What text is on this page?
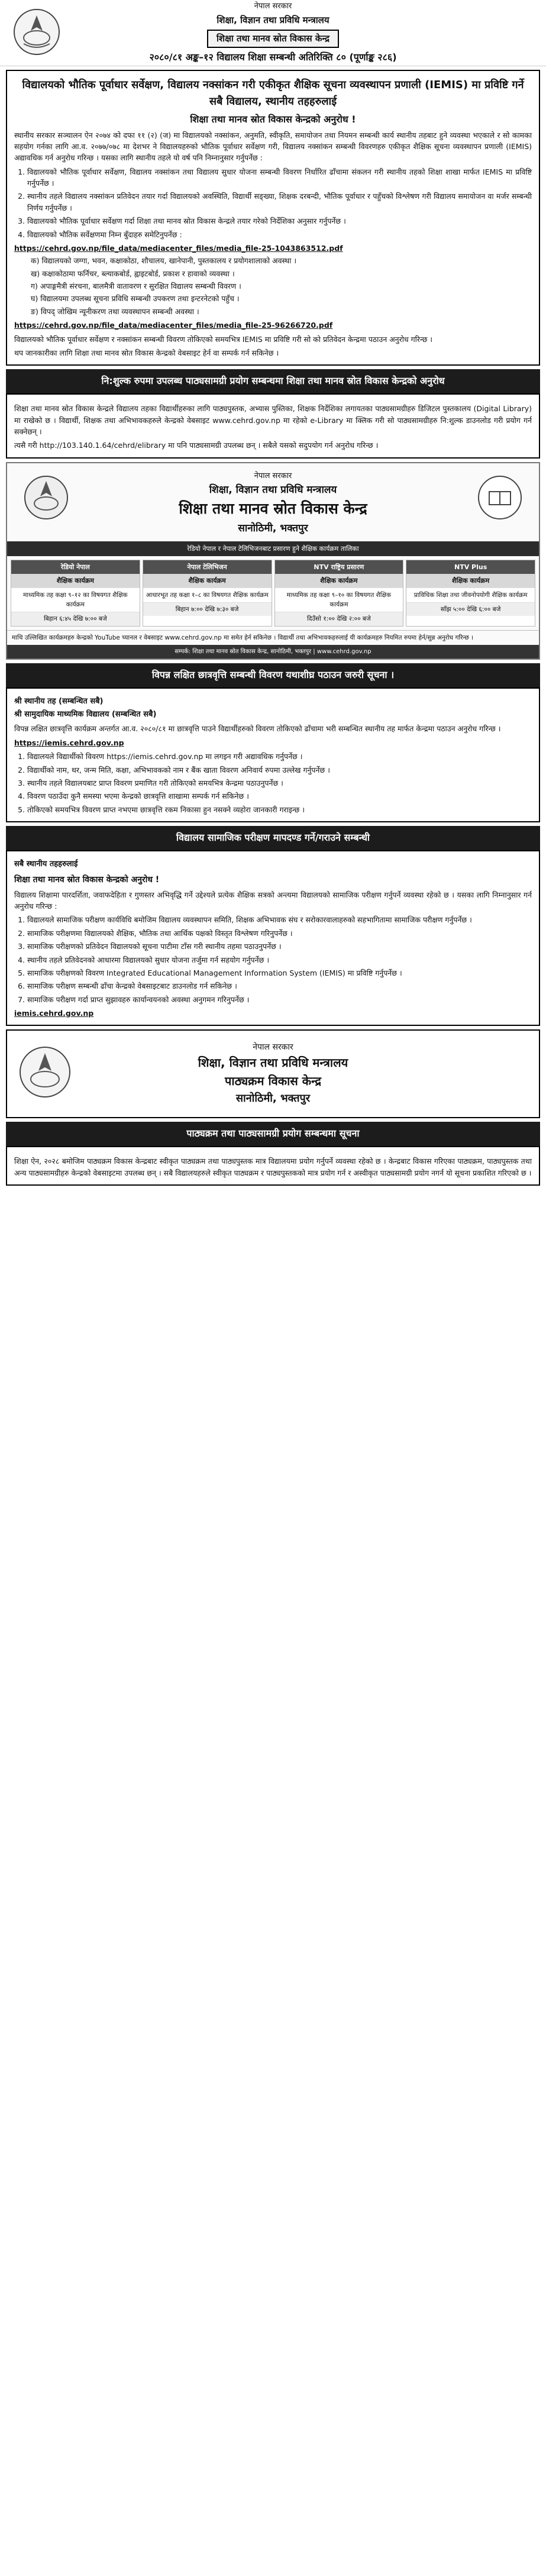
नेपाल सरकार
शिक्षा, विज्ञान तथा प्रविधि मन्त्रालय
शिक्षा तथा मानव स्रोत विकास केन्द्र
२०८०/८१ अङ्क–१२ विद्यालय शिक्षा सम्बन्धी अतिरिक्ति ८० (पूर्णाङ्क २८६)
विद्यालयको भौतिक पूर्वाधार सर्वेक्षण, विद्यालय नक्सांकन गरी एकीकृत शैक्षिक सूचना व्यवस्थापन प्रणाली (IEMIS) मा प्रविष्टि गर्ने सबै विद्यालय, स्थानीय तहहरुलाई
शिक्षा तथा मानव स्रोत विकास केन्द्रको अनुरोध !
स्थानीय सरकार सञ्चालन ऐन २०७४ को दफा ११ (२) (ज) मा विद्यालयको नक्सांकन, अनुमति, स्वीकृति, समायोजन तथा नियमन सम्बन्धी कार्य स्थानीय तहबाट हुने व्यवस्था भएकाले र सो कामका सहयोग गर्नका लागि आ.व. २०७७/०७८ मा देशभर ने विद्यालयहरुको भौतिक पूर्वाधार सर्वेक्षण गरी, विद्यालय नक्सांकन सम्बन्धी विवरणहरु एकीकृत शैक्षिक सूचना व्यवस्थापन प्रणाली (IEMIS) अद्यावधिक गर्न अनुरोध गरिन्छ । यसका लागि स्थानीय तहले यो वर्ष पनि निम्नानुसार गर्नुपर्नेछ :
1. विद्यालयको भौतिक पूर्वाधार सर्वेक्षण, विद्यालय नक्सांकन तथा विद्यालय सुधार योजना सम्बन्धी विवरण निर्धारित ढाँचामा संकलन गरी स्थानीय तहको शिक्षा शाखा मार्फत IEMIS मा प्रविष्टि गर्नुपर्नेछ ।
2. स्थानीय तहले विद्यालय नक्सांकन प्रतिवेदन तयार गर्दा विद्यालयको अवस्थिति, विद्यार्थी सङ्ख्या, शिक्षक दरबन्दी, भौतिक पूर्वाधार र पहुँचको विश्लेषण गरी विद्यालय समायोजन वा मर्जर सम्बन्धी निर्णय गर्नुपर्नेछ ।
3. विद्यालयको भौतिक पूर्वाधार सर्वेक्षण गर्दा शिक्षा तथा मानव स्रोत विकास केन्द्रले तयार गरेको निर्देशिका अनुसार गर्नुपर्नेछ ।
4. विद्यालयको भौतिक सर्वेक्षणमा निम्न बुँदाहरु समेटिनुपर्नेछ :
https://cehrd.gov.np/file_data/mediacenter_files/media_file-25-1043863512.pdf
क) विद्यालयको जग्गा, भवन, कक्षाकोठा, शौचालय, खानेपानी, पुस्तकालय र प्रयोगशालाको अवस्था ।
ख) कक्षाकोठामा फर्निचर, ब्ल्याकबोर्ड, ह्वाइटबोर्ड, प्रकाश र हावाको व्यवस्था ।
ग) अपाङ्गमैत्री संरचना, बालमैत्री वातावरण र सुरक्षित विद्यालय सम्बन्धी विवरण ।
घ) विद्यालयमा उपलब्ध सूचना प्रविधि सम्बन्धी उपकरण तथा इन्टरनेटको पहुँच ।
ङ) विपद् जोखिम न्यूनीकरण तथा व्यवस्थापन सम्बन्धी अवस्था ।
https://cehrd.gov.np/file_data/mediacenter_files/media_file-25-96266720.pdf
विद्यालयको भौतिक पूर्वाधार सर्वेक्षण र नक्सांकन सम्बन्धी विवरण तोकिएको समयभित्र IEMIS मा प्रविष्टि गरी सो को प्रतिवेदन केन्द्रमा पठाउन अनुरोध गरिन्छ ।
थप जानकारीका लागि शिक्षा तथा मानव स्रोत विकास केन्द्रको वेबसाइट हेर्न वा सम्पर्क गर्न सकिनेछ ।
नि:शुल्क रुपमा उपलब्ध पाठ्यसामग्री प्रयोग सम्बन्धमा शिक्षा तथा मानव स्रोत विकास केन्द्रको अनुरोध
शिक्षा तथा मानव स्रोत विकास केन्द्रले विद्यालय तहका विद्यार्थीहरुका लागि पाठ्यपुस्तक, अभ्यास पुस्तिका, शिक्षक निर्देशिका लगायतका पाठ्यसामग्रीहरु डिजिटल पुस्तकालय (Digital Library) मा राखेको छ । विद्यार्थी, शिक्षक तथा अभिभावकहरुले केन्द्रको वेबसाइट www.cehrd.gov.np मा रहेको e-Library मा क्लिक गरी सो पाठ्यसामग्रीहरु नि:शुल्क डाउनलोड गरी प्रयोग गर्न सक्नेछन् ।
त्यसै गरी http://103.140.1.64/cehrd/elibrary मा पनि पाठ्यसामग्री उपलब्ध छन् । सबैले यसको सदुपयोग गर्न अनुरोध गरिन्छ ।
नेपाल सरकार
शिक्षा, विज्ञान तथा प्रविधि मन्त्रालय
शिक्षा तथा मानव स्रोत विकास केन्द्र
सानोठिमी, भक्तपुर
रेडियो नेपाल र नेपाल टेलिभिजनबाट प्रसारण हुने शैक्षिक कार्यक्रम तालिका
रेडियो नेपाल
शैक्षिक कार्यक्रम
माध्यमिक तह कक्षा ९–१२ का विषयगत शैक्षिक कार्यक्रम
बिहान ६:४५ देखि ७:०० बजे
नेपाल टेलिभिजन
शैक्षिक कार्यक्रम
आधारभूत तह कक्षा १–८ का विषयगत शैक्षिक कार्यक्रम
बिहान ७:०० देखि ७:३० बजे
NTV राष्ट्रिय प्रसारण
शैक्षिक कार्यक्रम
माध्यमिक तह कक्षा ९–१० का विषयगत शैक्षिक कार्यक्रम
दिउँसो १:०० देखि २:०० बजे
NTV Plus
शैक्षिक कार्यक्रम
प्राविधिक शिक्षा तथा जीवनोपयोगी शैक्षिक कार्यक्रम
साँझ ५:०० देखि ६:०० बजे
माथि उल्लिखित कार्यक्रमहरु केन्द्रको YouTube च्यानल र वेबसाइट www.cehrd.gov.np मा समेत हेर्न सकिनेछ । विद्यार्थी तथा अभिभावकहरुलाई यी कार्यक्रमहरु नियमित रुपमा हेर्न/सुन्न अनुरोध गरिन्छ ।
सम्पर्क: शिक्षा तथा मानव स्रोत विकास केन्द्र, सानोठिमी, भक्तपुर | www.cehrd.gov.np
विपन्न लक्षित छात्रवृत्ति सम्बन्धी विवरण यथाशीघ्र पठाउन जरुरी सूचना ।
श्री स्थानीय तह (सम्बन्धित सबै)
श्री सामुदायिक माध्यमिक विद्यालय (सम्बन्धित सबै)
विपन्न लक्षित छात्रवृत्ति कार्यक्रम अन्तर्गत आ.व. २०८०/८१ मा छात्रवृत्ति पाउने विद्यार्थीहरुको विवरण तोकिएको ढाँचामा भरी सम्बन्धित स्थानीय तह मार्फत केन्द्रमा पठाउन अनुरोध गरिन्छ ।
https://iemis.cehrd.gov.np
1. विद्यालयले विद्यार्थीको विवरण https://iemis.cehrd.gov.np मा लगइन गरी अद्यावधिक गर्नुपर्नेछ ।
2. विद्यार्थीको नाम, थर, जन्म मिति, कक्षा, अभिभावकको नाम र बैंक खाता विवरण अनिवार्य रुपमा उल्लेख गर्नुपर्नेछ ।
3. स्थानीय तहले विद्यालयबाट प्राप्त विवरण प्रमाणित गरी तोकिएको समयभित्र केन्द्रमा पठाउनुपर्नेछ ।
4. विवरण पठाउँदा कुनै समस्या भएमा केन्द्रको छात्रवृत्ति शाखामा सम्पर्क गर्न सकिनेछ ।
5. तोकिएको समयभित्र विवरण प्राप्त नभएमा छात्रवृत्ति रकम निकासा हुन नसक्ने व्यहोरा जानकारी गराइन्छ ।
विद्यालय सामाजिक परीक्षण मापदण्ड गर्ने/गराउने सम्बन्धी
सबै स्थानीय तहहरुलाई
शिक्षा तथा मानव स्रोत विकास केन्द्रको अनुरोध !
विद्यालय शिक्षामा पारदर्शिता, जवाफदेहिता र गुणस्तर अभिवृद्धि गर्ने उद्देश्यले प्रत्येक शैक्षिक सत्रको अन्त्यमा विद्यालयको सामाजिक परीक्षण गर्नुपर्ने व्यवस्था रहेको छ । यसका लागि निम्नानुसार गर्न अनुरोध गरिन्छ :
1. विद्यालयले सामाजिक परीक्षण कार्यविधि बमोजिम विद्यालय व्यवस्थापन समिति, शिक्षक अभिभावक संघ र सरोकारवालाहरुको सहभागितामा सामाजिक परीक्षण गर्नुपर्नेछ ।
2. सामाजिक परीक्षणमा विद्यालयको शैक्षिक, भौतिक तथा आर्थिक पक्षको विस्तृत विश्लेषण गरिनुपर्नेछ ।
3. सामाजिक परीक्षणको प्रतिवेदन विद्यालयको सूचना पाटीमा टाँस गरी स्थानीय तहमा पठाउनुपर्नेछ ।
4. स्थानीय तहले प्रतिवेदनको आधारमा विद्यालयको सुधार योजना तर्जुमा गर्न सहयोग गर्नुपर्नेछ ।
5. सामाजिक परीक्षणको विवरण Integrated Educational Management Information System (IEMIS) मा प्रविष्टि गर्नुपर्नेछ ।
6. सामाजिक परीक्षण सम्बन्धी ढाँचा केन्द्रको वेबसाइटबाट डाउनलोड गर्न सकिनेछ ।
7. सामाजिक परीक्षण गर्दा प्राप्त सुझावहरु कार्यान्वयनको अवस्था अनुगमन गरिनुपर्नेछ ।
iemis.cehrd.gov.np
नेपाल सरकार
शिक्षा, विज्ञान तथा प्रविधि मन्त्रालय
पाठ्यक्रम विकास केन्द्र
सानोठिमी, भक्तपुर
पाठ्यक्रम तथा पाठ्यसामग्री प्रयोग सम्बन्धमा सूचना
शिक्षा ऐन, २०२८ बमोजिम पाठ्यक्रम विकास केन्द्रबाट स्वीकृत पाठ्यक्रम तथा पाठ्यपुस्तक मात्र विद्यालयमा प्रयोग गर्नुपर्ने व्यवस्था रहेको छ । केन्द्रबाट विकास गरिएका पाठ्यक्रम, पाठ्यपुस्तक तथा अन्य पाठ्यसामग्रीहरु केन्द्रको वेबसाइटमा उपलब्ध छन् । सबै विद्यालयहरुले स्वीकृत पाठ्यक्रम र पाठ्यपुस्तकको मात्र प्रयोग गर्न र अस्वीकृत पाठ्यसामग्री प्रयोग नगर्न यो सूचना प्रकाशित गरिएको छ ।
